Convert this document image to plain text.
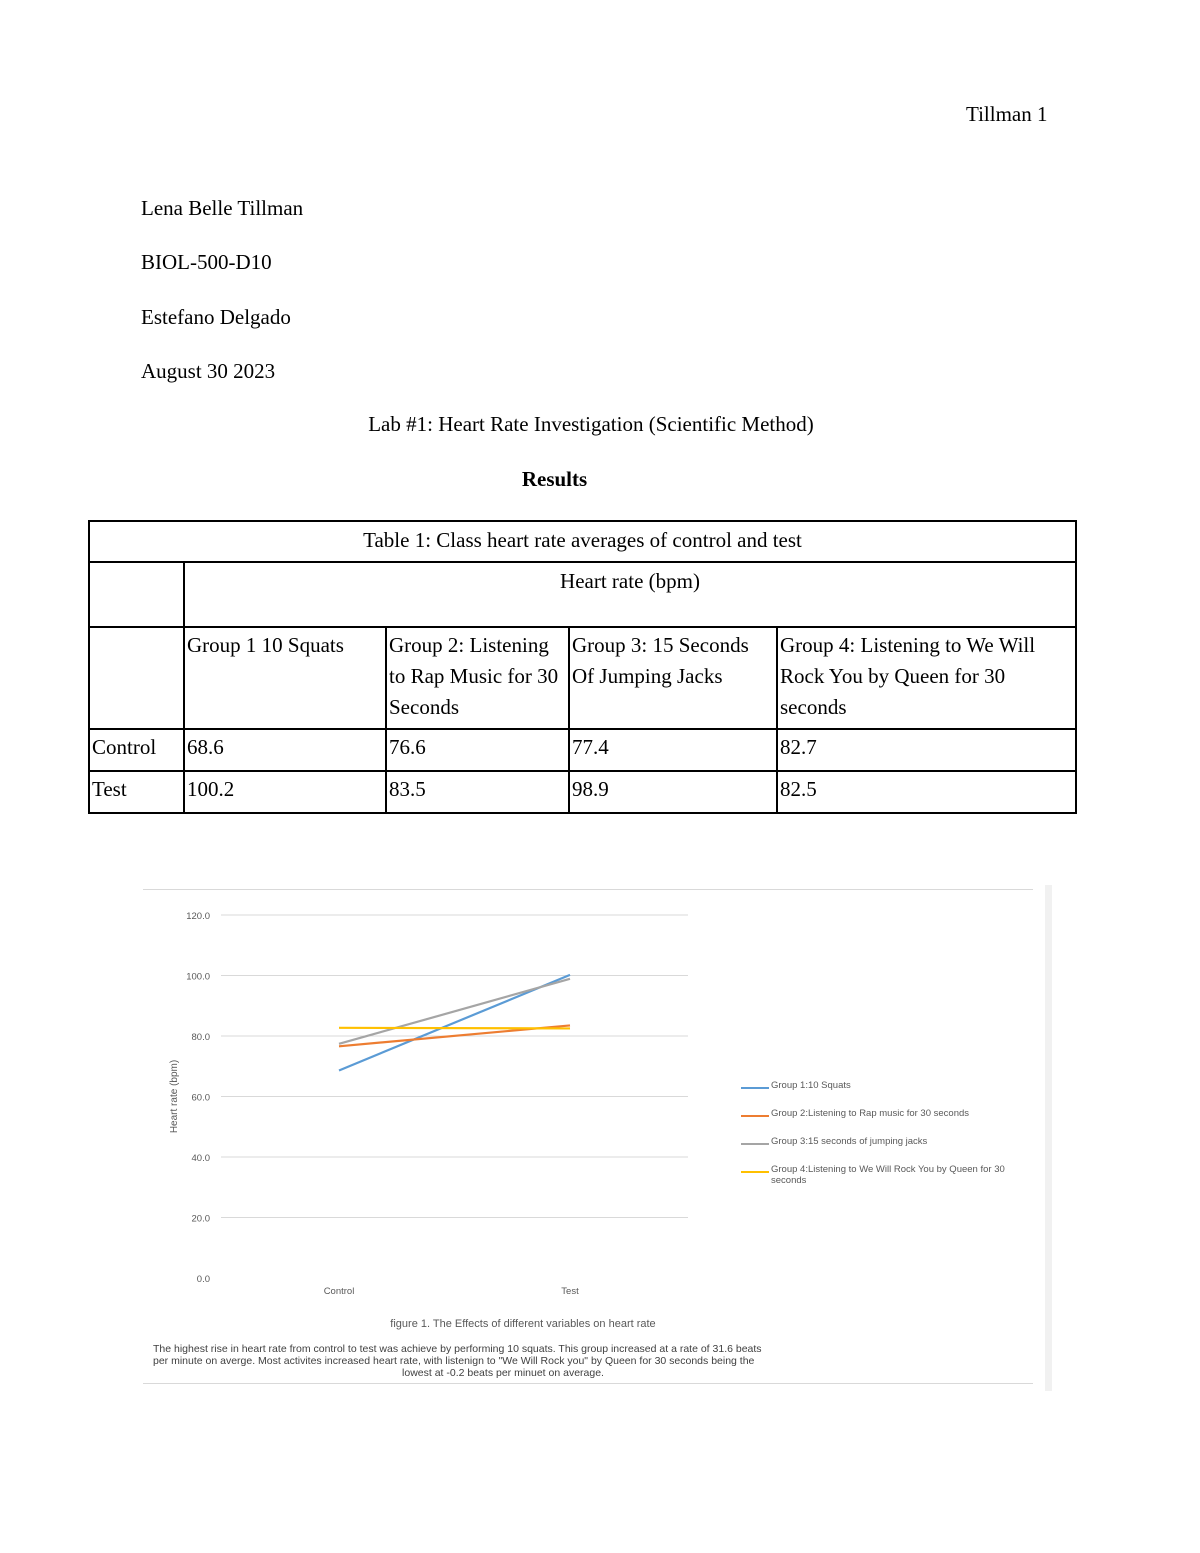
Tillman 1
Lena Belle Tillman
BIOL-500-D10
Estefano Delgado
August 30 2023
Lab #1: Heart Rate Investigation (Scientific Method)
Results
Table 1: Class heart rate averages of control and test				
	Heart rate (bpm)			
	Group 1 10 Squats	Group 2: Listening to Rap Music for 30 Seconds	Group 3: 15 Seconds Of Jumping Jacks	Group 4: Listening to We Will Rock You by Queen for 30 seconds
Control	68.6	76.6	77.4	82.7
Test	100.2	83.5	98.9	82.5
0.0
20.0
40.0
60.0
80.0
100.0
120.0
Control	Test
Heart rate (bpm)	Group 1:10 Squats
Group 2:Listening to Rap music for 30 seconds
Group 3:15 seconds of jumping jacks
Group 4:Listening to We Will Rock You by Queen for 30 seconds
figure 1. The Effects of different variables on heart rate
The highest rise in heart rate from control to test was achieve by performing 10 squats. This group increased at a rate of 31.6 beats
per minute on averge. Most activites increased heart rate, with listenign to "We Will Rock you" by Queen for 30 seconds being the
lowest at -0.2 beats per minuet on average.
